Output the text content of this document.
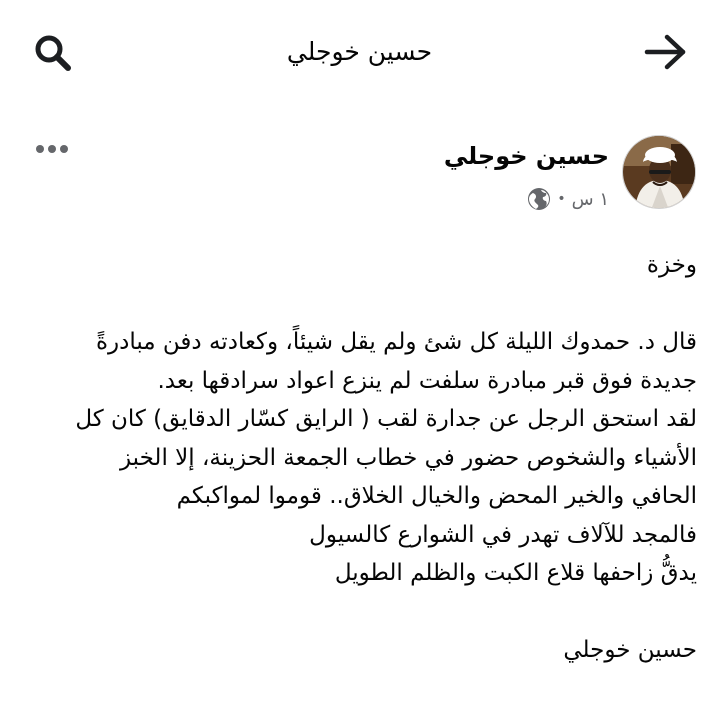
حسين خوجلي
حسين خوجلي
• ١ س

وخزة

قال د. حمدوك الليلة كل شئ ولم يقل شيئاً، وكعادته دفن مبادرةً

جديدة فوق قبر مبادرة سلفت لم ينزع اعواد سرادقها بعد.

لقد استحق الرجل عن جدارة لقب ( الرايق كسّار الدقايق) كان كل

الأشياء والشخوص حضور في خطاب الجمعة الحزينة، إلا الخبز

الحافي والخير المحض والخيال الخلاق.. قوموا لمواكبكم

فالمجد للآلاف تهدر في الشوارع كالسيول

يدقُّ زاحفها قلاع الكبت والظلم الطويل

حسين خوجلي
